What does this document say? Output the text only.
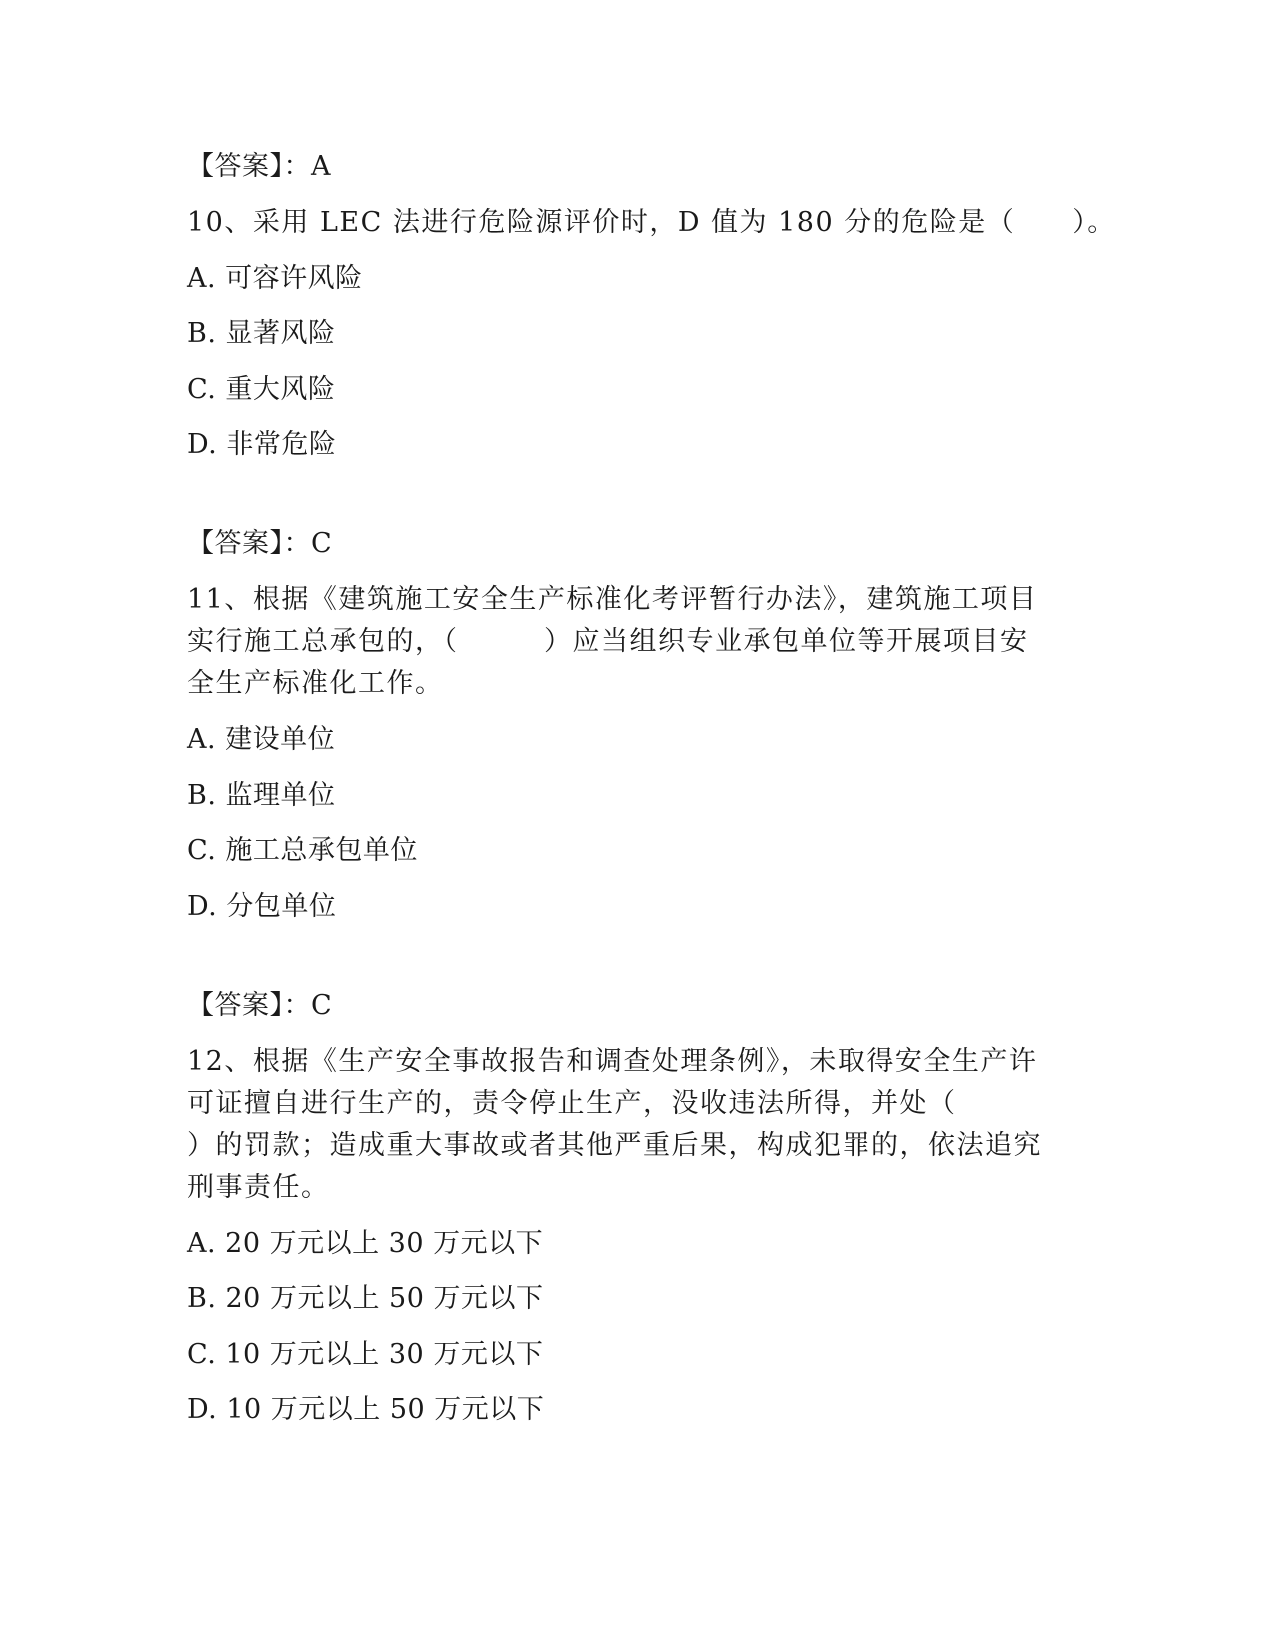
【答案】：A
10、采用 LEC 法进行危险源评价时，D 值为 180 分的危险是（　　）。
A. 可容许风险
B. 显著风险
C. 重大风险
D. 非常危险
【答案】：C
11、根据《建筑施工安全生产标准化考评暂行办法》，建筑施工项目
实行施工总承包的，（　　　）应当组织专业承包单位等开展项目安
全生产标准化工作。
A. 建设单位
B. 监理单位
C. 施工总承包单位
D. 分包单位
【答案】：C
12、根据《生产安全事故报告和调查处理条例》，未取得安全生产许
可证擅自进行生产的，责令停止生产，没收违法所得，并处（
）的罚款；造成重大事故或者其他严重后果，构成犯罪的，依法追究
刑事责任。
A. 20 万元以上 30 万元以下
B. 20 万元以上 50 万元以下
C. 10 万元以上 30 万元以下
D. 10 万元以上 50 万元以下
